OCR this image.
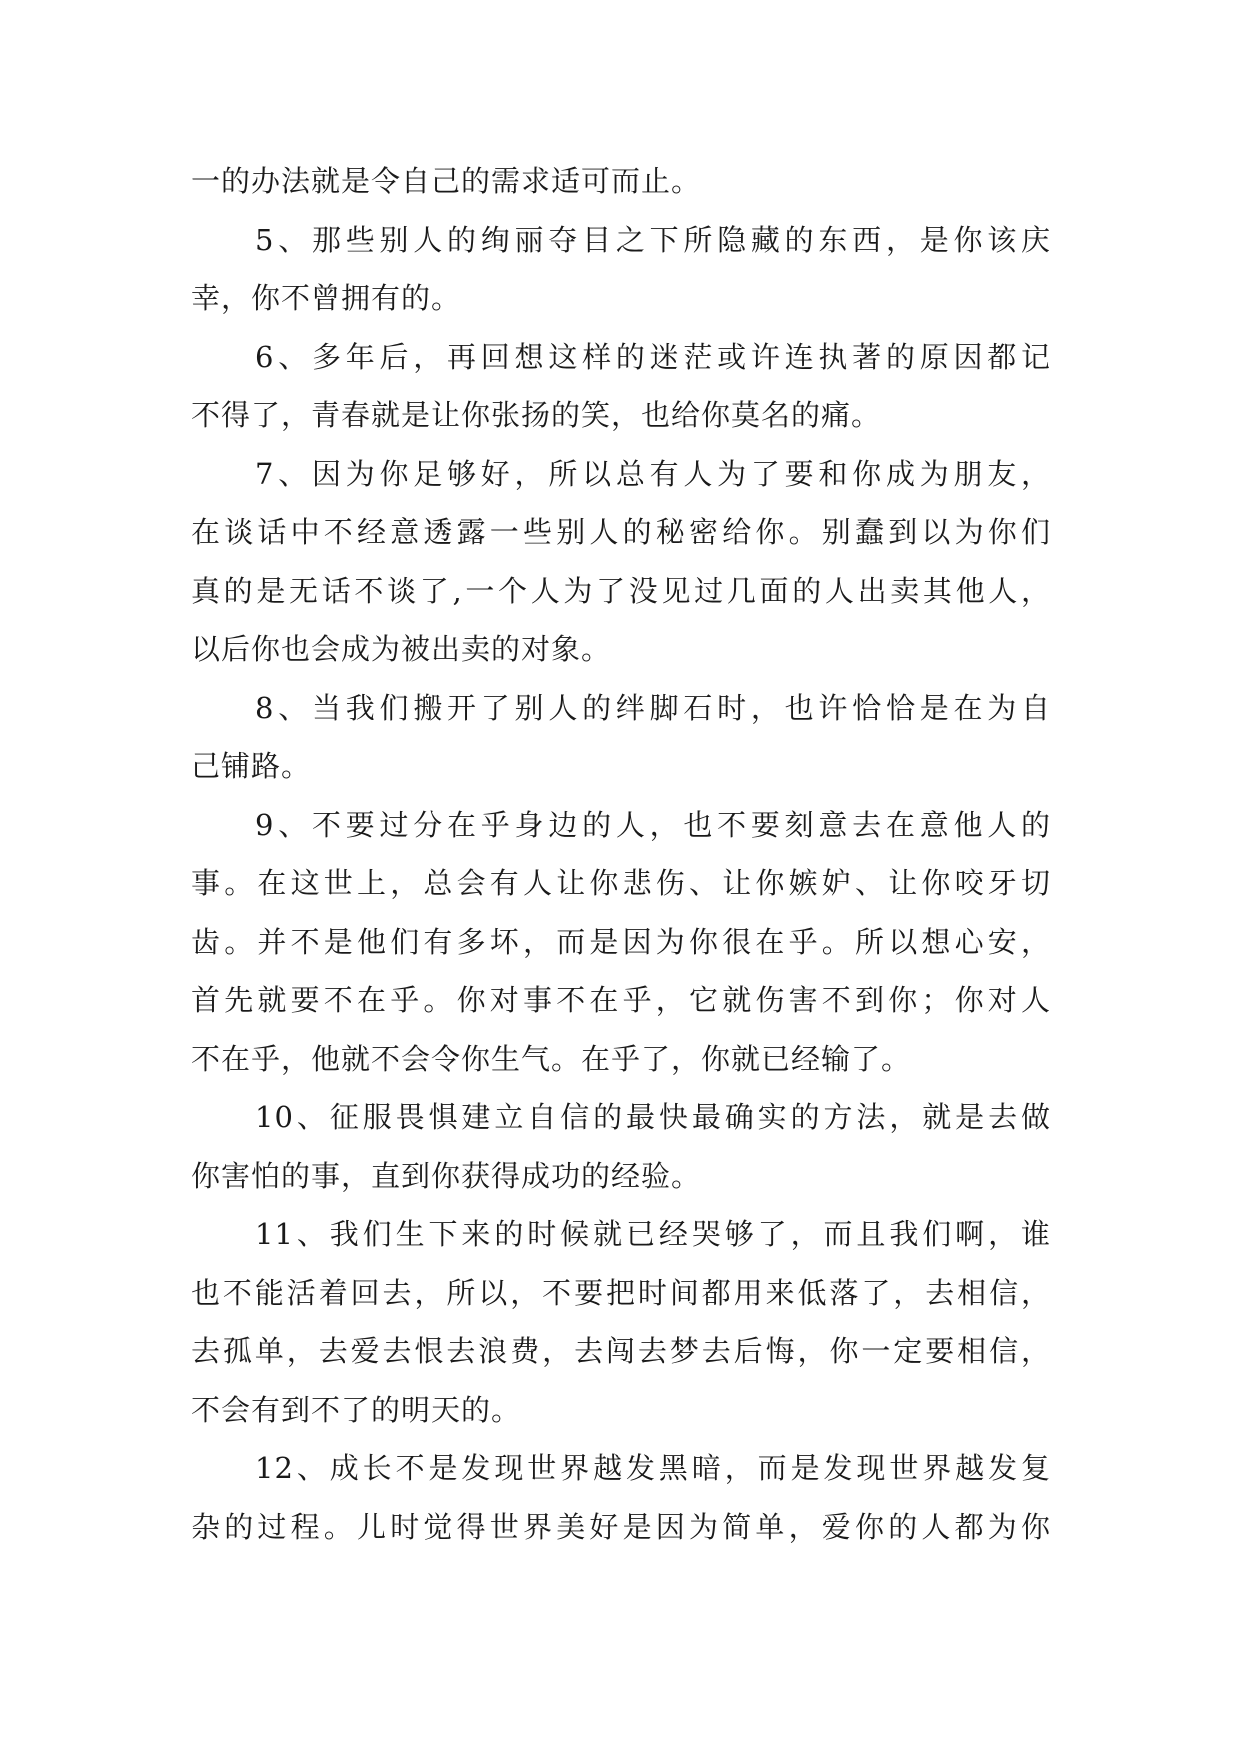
一的办法就是令自己的需求适可而止。
5、那些别人的绚丽夺目之下所隐藏的东西，是你该庆
幸，你不曾拥有的。
6、多年后，再回想这样的迷茫或许连执著的原因都记
不得了，青春就是让你张扬的笑，也给你莫名的痛。
7、因为你足够好，所以总有人为了要和你成为朋友，
在谈话中不经意透露一些别人的秘密给你。别蠢到以为你们
真的是无话不谈了,一个人为了没见过几面的人出卖其他人，
以后你也会成为被出卖的对象。
8、当我们搬开了别人的绊脚石时，也许恰恰是在为自
己铺路。
9、不要过分在乎身边的人，也不要刻意去在意他人的
事。在这世上，总会有人让你悲伤、让你嫉妒、让你咬牙切
齿。并不是他们有多坏，而是因为你很在乎。所以想心安，
首先就要不在乎。你对事不在乎，它就伤害不到你；你对人
不在乎，他就不会令你生气。在乎了，你就已经输了。
10、征服畏惧建立自信的最快最确实的方法，就是去做
你害怕的事，直到你获得成功的经验。
11、我们生下来的时候就已经哭够了，而且我们啊，谁
也不能活着回去，所以，不要把时间都用来低落了，去相信，
去孤单，去爱去恨去浪费，去闯去梦去后悔，你一定要相信，
不会有到不了的明天的。
12、成长不是发现世界越发黑暗，而是发现世界越发复
杂的过程。儿时觉得世界美好是因为简单，爱你的人都为你
